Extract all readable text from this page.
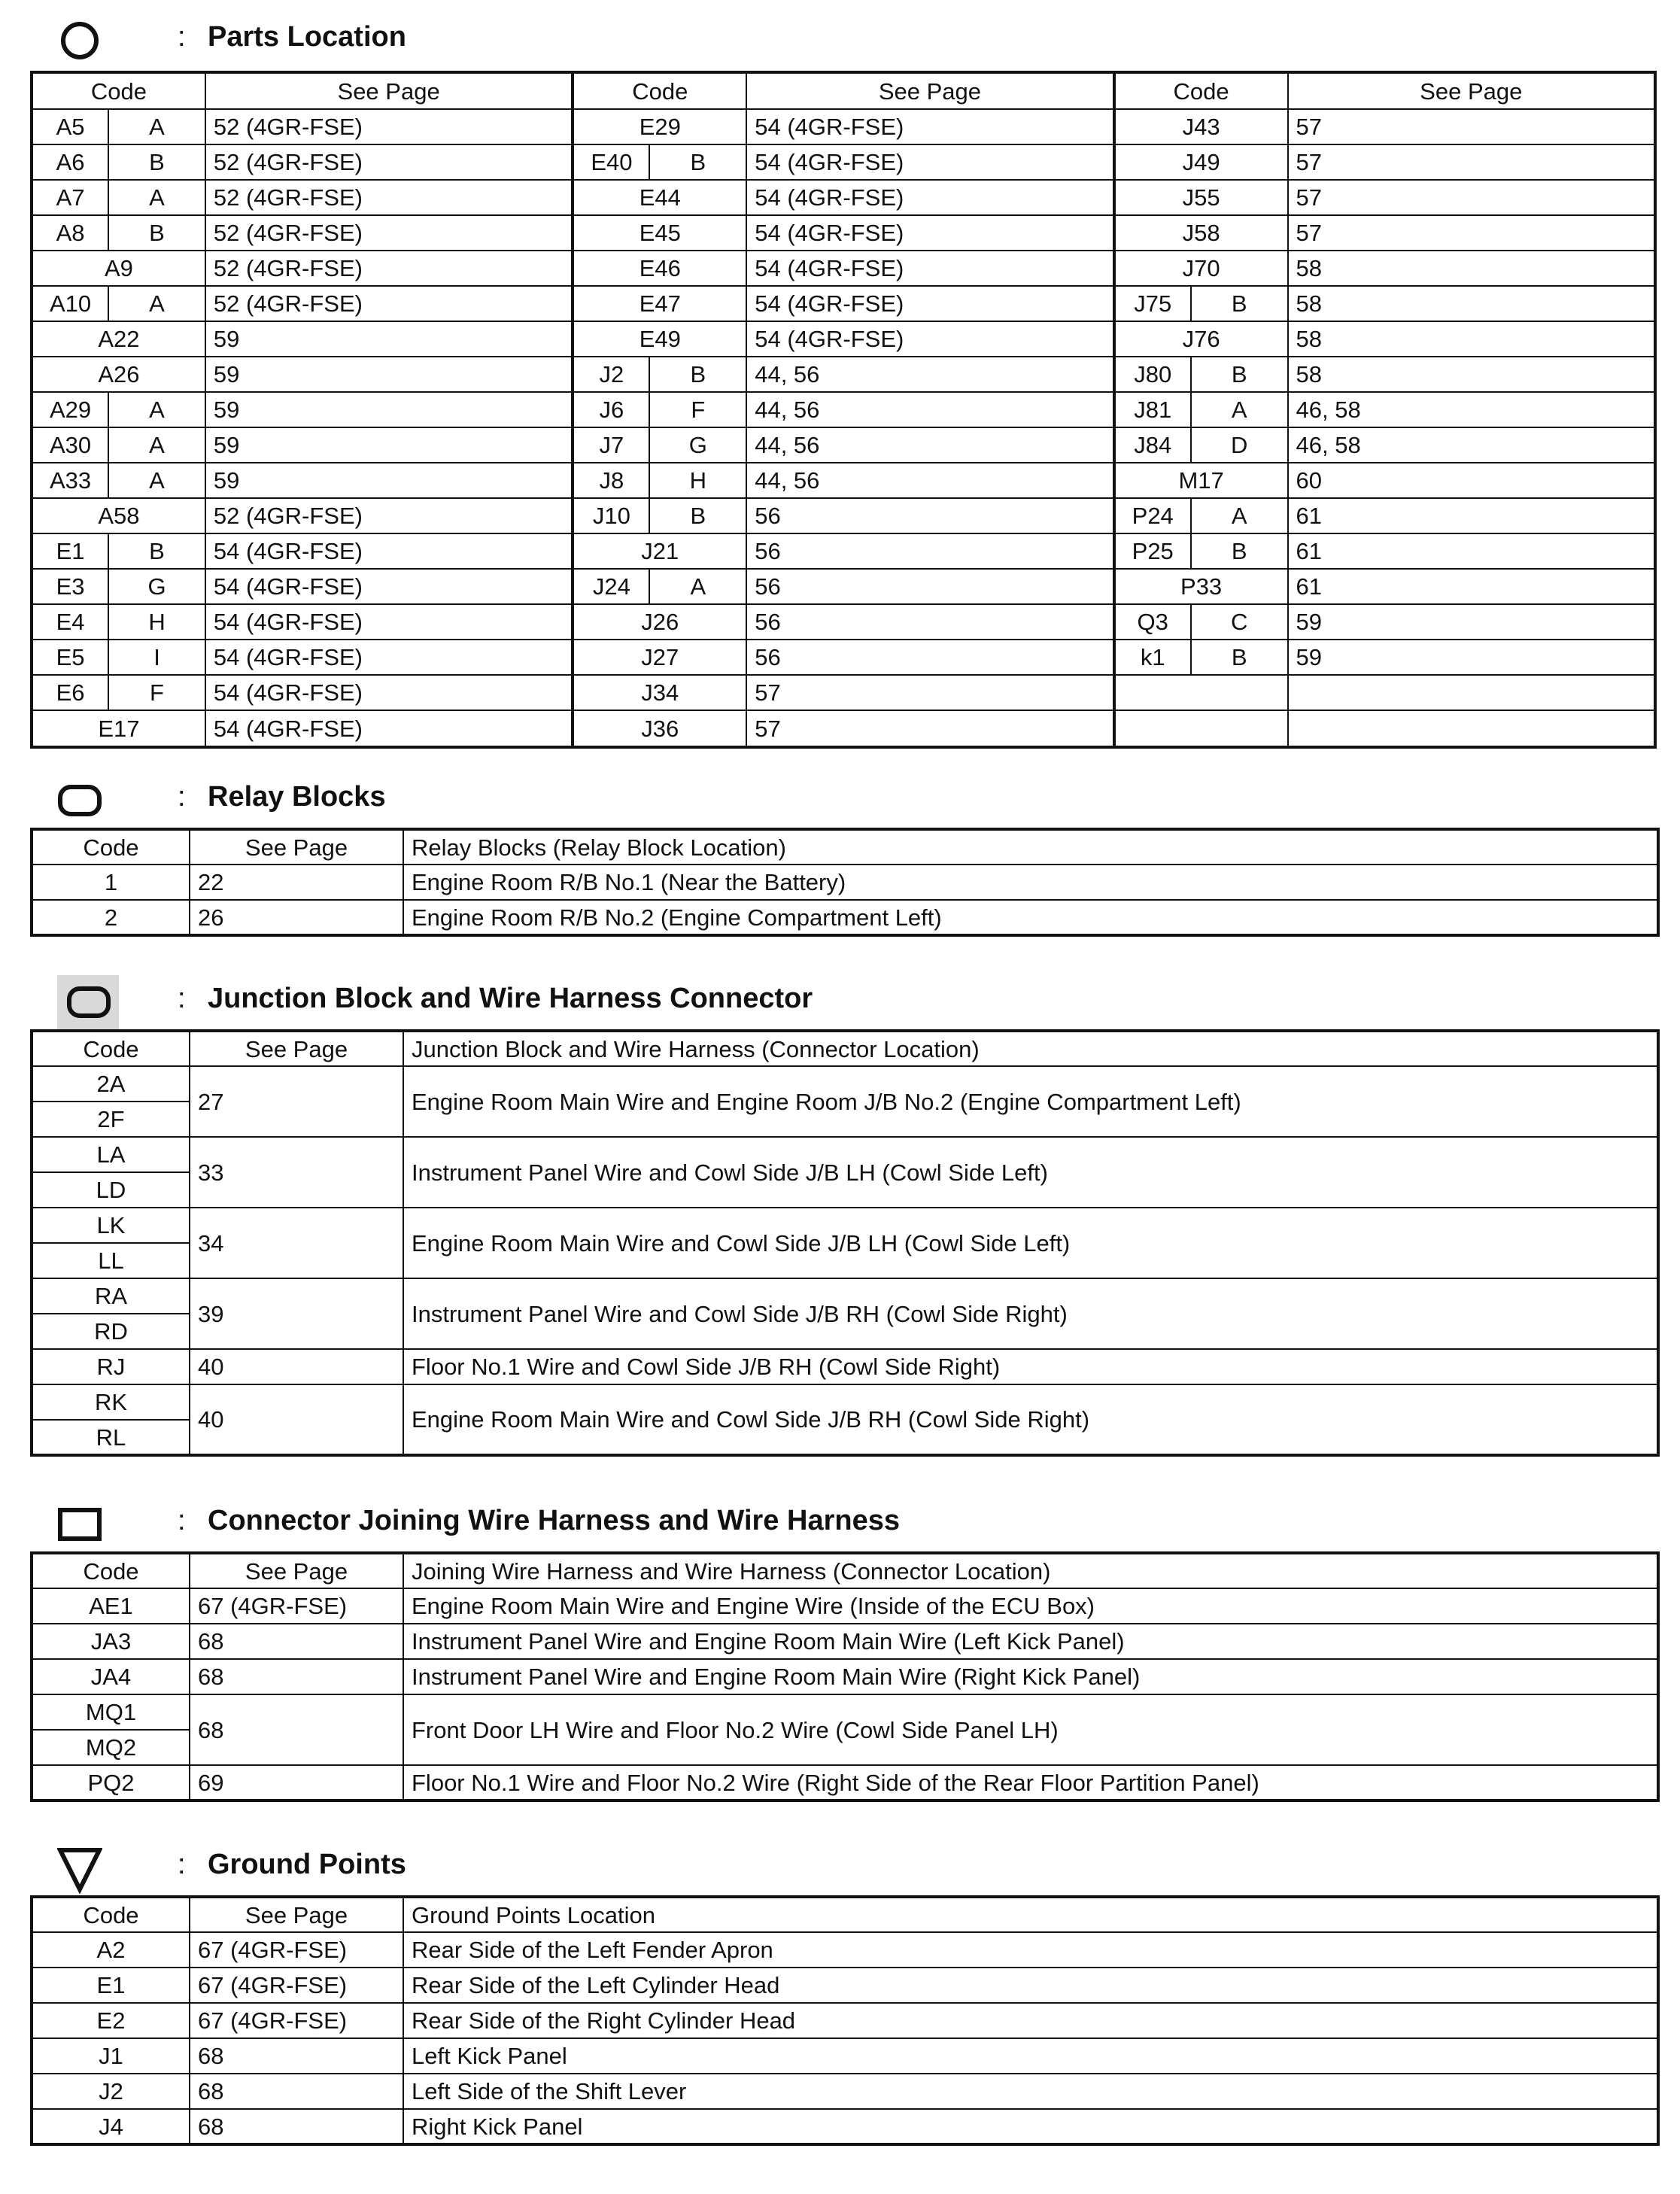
: Parts Location
Code		See Page
A5	A	52 (4GR-FSE)
A6	B	52 (4GR-FSE)
A7	A	52 (4GR-FSE)
A8	B	52 (4GR-FSE)
A9		52 (4GR-FSE)
A10	A	52 (4GR-FSE)
A22		59
A26		59
A29	A	59
A30	A	59
A33	A	59
A58		52 (4GR-FSE)
E1	B	54 (4GR-FSE)
E3	G	54 (4GR-FSE)
E4	H	54 (4GR-FSE)
E5	I	54 (4GR-FSE)
E6	F	54 (4GR-FSE)
E17		54 (4GR-FSE)
Code		See Page
E29		54 (4GR-FSE)
E40	B	54 (4GR-FSE)
E44		54 (4GR-FSE)
E45		54 (4GR-FSE)
E46		54 (4GR-FSE)
E47		54 (4GR-FSE)
E49		54 (4GR-FSE)
J2	B	44, 56
J6	F	44, 56
J7	G	44, 56
J8	H	44, 56
J10	B	56
J21		56
J24	A	56
J26		56
J27		56
J34		57
J36		57
Code		See Page
J43		57
J49		57
J55		57
J58		57
J70		58
J75	B	58
J76		58
J80	B	58
J81	A	46, 58
J84	D	46, 58
M17		60
P24	A	61
P25	B	61
P33		61
Q3	C	59
k1	B	59

: Relay Blocks
Code	See Page	Relay Blocks (Relay Block Location)
1	22	Engine Room R/B No.1 (Near the Battery)
2	26	Engine Room R/B No.2 (Engine Compartment Left)
: Junction Block and Wire Harness Connector
Code	See Page	Junction Block and Wire Harness (Connector Location)
2A	27	Engine Room Main Wire and Engine Room J/B No.2 (Engine Compartment Left)
2F		
LA	33	Instrument Panel Wire and Cowl Side J/B LH (Cowl Side Left)
LD		
LK	34	Engine Room Main Wire and Cowl Side J/B LH (Cowl Side Left)
LL		
RA	39	Instrument Panel Wire and Cowl Side J/B RH (Cowl Side Right)
RD		
RJ	40	Floor No.1 Wire and Cowl Side J/B RH (Cowl Side Right)
RK	40	Engine Room Main Wire and Cowl Side J/B RH (Cowl Side Right)
RL		
: Connector Joining Wire Harness and Wire Harness
Code	See Page	Joining Wire Harness and Wire Harness (Connector Location)
AE1	67 (4GR-FSE)	Engine Room Main Wire and Engine Wire (Inside of the ECU Box)
JA3	68	Instrument Panel Wire and Engine Room Main Wire (Left Kick Panel)
JA4	68	Instrument Panel Wire and Engine Room Main Wire (Right Kick Panel)
MQ1	68	Front Door LH Wire and Floor No.2 Wire (Cowl Side Panel LH)
MQ2		
PQ2	69	Floor No.1 Wire and Floor No.2 Wire (Right Side of the Rear Floor Partition Panel)
: Ground Points
Code	See Page	Ground Points Location
A2	67 (4GR-FSE)	Rear Side of the Left Fender Apron
E1	67 (4GR-FSE)	Rear Side of the Left Cylinder Head
E2	67 (4GR-FSE)	Rear Side of the Right Cylinder Head
J1	68	Left Kick Panel
J2	68	Left Side of the Shift Lever
J4	68	Right Kick Panel
